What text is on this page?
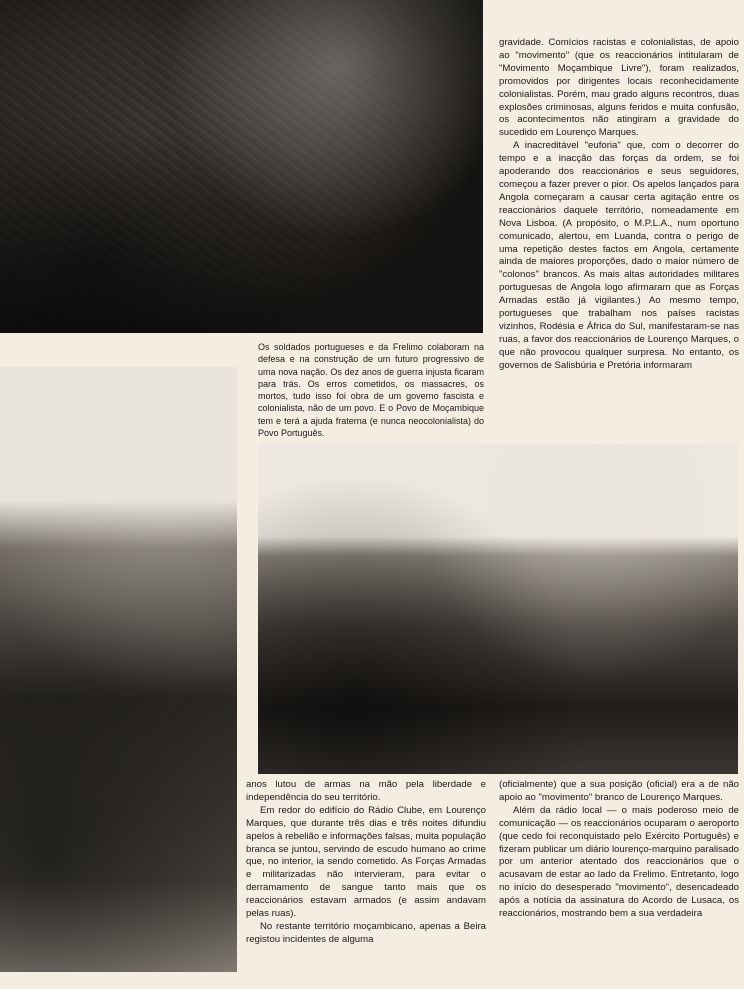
gravidade. Comícios racistas e colonialistas, de apoio ao "movimento" (que os reaccionários intitularam de "Movimento Moçambique Livre"), foram realizados, promovidos por dirigentes locais reconhecidamente colonialistas. Porém, mau grado alguns recontros, duas explosões criminosas, alguns feridos e muita confusão, os acontecimentos não atingiram a gravidade do sucedido em Lourenço Marques.

A inacreditável "euforia" que, com o decorrer do tempo e a inacção das forças da ordem, se foi apoderando dos reaccionários e seus seguidores, começou a fazer prever o pior. Os apelos lançados para Angola começaram a causar certa agitação entre os reaccionários daquele território, nomeadamente em Nova Lisboa. (A propósito, o M.P.L.A., num oportuno comunicado, alertou, em Luanda, contra o perigo de uma repetição destes factos em Angola, certamente ainda de maiores proporções, dado o maior número de "colonos" brancos. As mais altas autoridades militares portuguesas de Angola logo afirmaram que as Forças Armadas estão já vigilantes.) Ao mesmo tempo, portugueses que trabalham nos países racistas vizinhos, Rodésia e África do Sul, manifestaram-se nas ruas, a favor dos reaccionários de Lourenço Marques, o que não provocou qualquer surpresa. No entanto, os governos de Salisbúria e Pretória informaram

Os soldados portugueses e da Frelimo colaboram na defesa e na construção de um futuro progressivo de uma nova nação. Os dez anos de guerra injusta ficaram para trás. Os erros cometidos, os massacres, os mortos, tudo isso foi obra de um governo fascista e colonialista, não de um povo. E o Povo de Moçambique tem e terá a ajuda fraterna (e nunca neocolonialista) do Povo Português.

anos lutou de armas na mão pela liberdade e independência do seu território.

Em redor do edifício do Rádio Clube, em Lourenço Marques, que durante três dias e três noites difundiu apelos à rebelião e informações falsas, muita população branca se juntou, servindo de escudo humano ao crime que, no interior, ia sendo cometido. As Forças Armadas e militarizadas não intervieram, para evitar o derramamento de sangue tanto mais que os reaccionários estavam armados (e assim andavam pelas ruas).

No restante território moçambicano, apenas a Beira registou incidentes de alguma

(oficialmente) que a sua posição (oficial) era a de não apoio ao "movimento" branco de Lourenço Marques.

Além da rádio local — o mais poderoso meio de comunicação — os reaccionários ocuparam o aeroporto (que cedo foi reconquistado pelo Exército Português) e fizeram publicar um diário lourenço-marquino paralisado por um anterior atentado dos reaccionários que o acusavam de estar ao lado da Frelimo. Entretanto, logo no início do desesperado "movimento", desencadeado após a notícia da assinatura do Acordo de Lusaca, os reaccionários, mostrando bem a sua verdadeira
